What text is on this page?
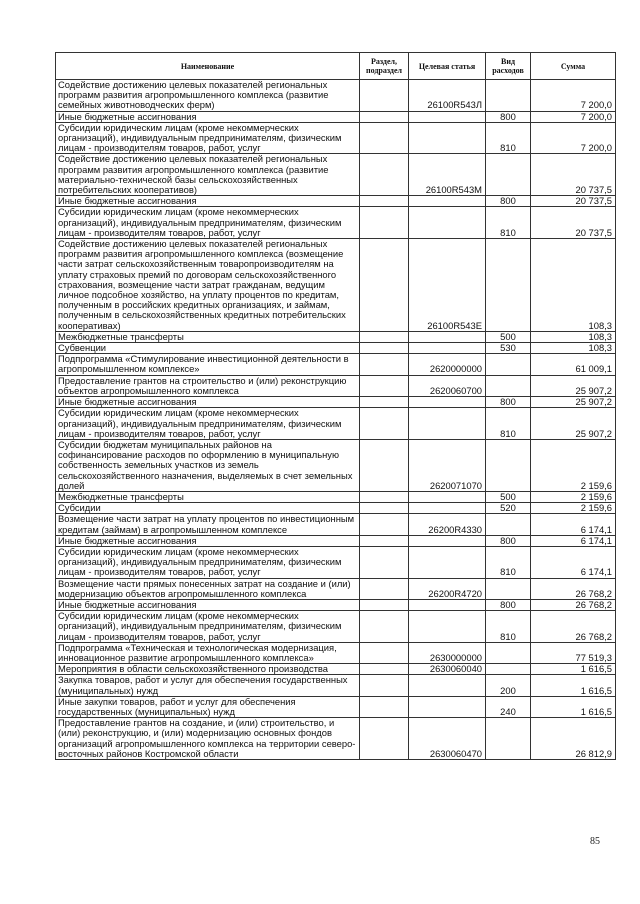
Наименование	Раздел, подраздел	Целевая статья	Вид расходов	Сумма
Содействие достижению целевых показателей региональных программ развития агропромышленного комплекса (развитие семейных животноводческих ферм)		26100R543Л		7 200,0
Иные бюджетные ассигнования			800	7 200,0
Субсидии юридическим лицам (кроме некоммерческих организаций), индивидуальным предпринимателям, физическим лицам - производителям товаров, работ, услуг			810	7 200,0
Содействие достижению целевых показателей региональных программ развития агропромышленного комплекса (развитие материально-технической базы сельскохозяйственных потребительских кооперативов)		26100R543М		20 737,5
Иные бюджетные ассигнования			800	20 737,5
Субсидии юридическим лицам (кроме некоммерческих организаций), индивидуальным предпринимателям, физическим лицам - производителям товаров, работ, услуг			810	20 737,5
Содействие достижению целевых показателей региональных программ развития агропромышленного комплекса (возмещение части затрат сельскохозяйственным товаропроизводителям на уплату страховых премий по договорам сельскохозяйственного страхования, возмещение части затрат гражданам, ведущим личное подсобное хозяйство, на уплату процентов по кредитам, полученным в российских кредитных организациях, и займам, полученным в сельскохозяйственных кредитных потребительских кооперативах)		26100R543Е		108,3
Межбюджетные трансферты			500	108,3
Субвенции			530	108,3
Подпрограмма «Стимулирование инвестиционной деятельности в агропромышленном комплексе»		2620000000		61 009,1
Предоставление грантов на строительство и (или) реконструкцию объектов агропромышленного комплекса		2620060700		25 907,2
Иные бюджетные ассигнования			800	25 907,2
Субсидии юридическим лицам (кроме некоммерческих организаций), индивидуальным предпринимателям, физическим лицам - производителям товаров, работ, услуг			810	25 907,2
Субсидии бюджетам муниципальных районов на софинансирование расходов по оформлению в муниципальную собственность земельных участков из земель сельскохозяйственного назначения, выделяемых в счет земельных долей		2620071070		2 159,6
Межбюджетные трансферты			500	2 159,6
Субсидии			520	2 159,6
Возмещение части затрат на уплату процентов по инвестиционным кредитам (займам) в агропромышленном комплексе		26200R4330		6 174,1
Иные бюджетные ассигнования			800	6 174,1
Субсидии юридическим лицам (кроме некоммерческих организаций), индивидуальным предпринимателям, физическим лицам - производителям товаров, работ, услуг			810	6 174,1
Возмещение части прямых понесенных затрат на создание и (или) модернизацию объектов агропромышленного комплекса		26200R4720		26 768,2
Иные бюджетные ассигнования			800	26 768,2
Субсидии юридическим лицам (кроме некоммерческих организаций), индивидуальным предпринимателям, физическим лицам - производителям товаров, работ, услуг			810	26 768,2
Подпрограмма «Техническая и технологическая модернизация, инновационное развитие агропромышленного комплекса»		2630000000		77 519,3
Мероприятия в области сельскохозяйственного производства		2630060040		1 616,5
Закупка товаров, работ и услуг для обеспечения государственных (муниципальных) нужд			200	1 616,5
Иные закупки товаров, работ и услуг для обеспечения государственных (муниципальных) нужд			240	1 616,5
Предоставление грантов на создание, и (или) строительство, и (или) реконструкцию, и (или) модернизацию основных фондов организаций агропромышленного комплекса на территории северо-восточных районов Костромской области		2630060470		26 812,9
85
